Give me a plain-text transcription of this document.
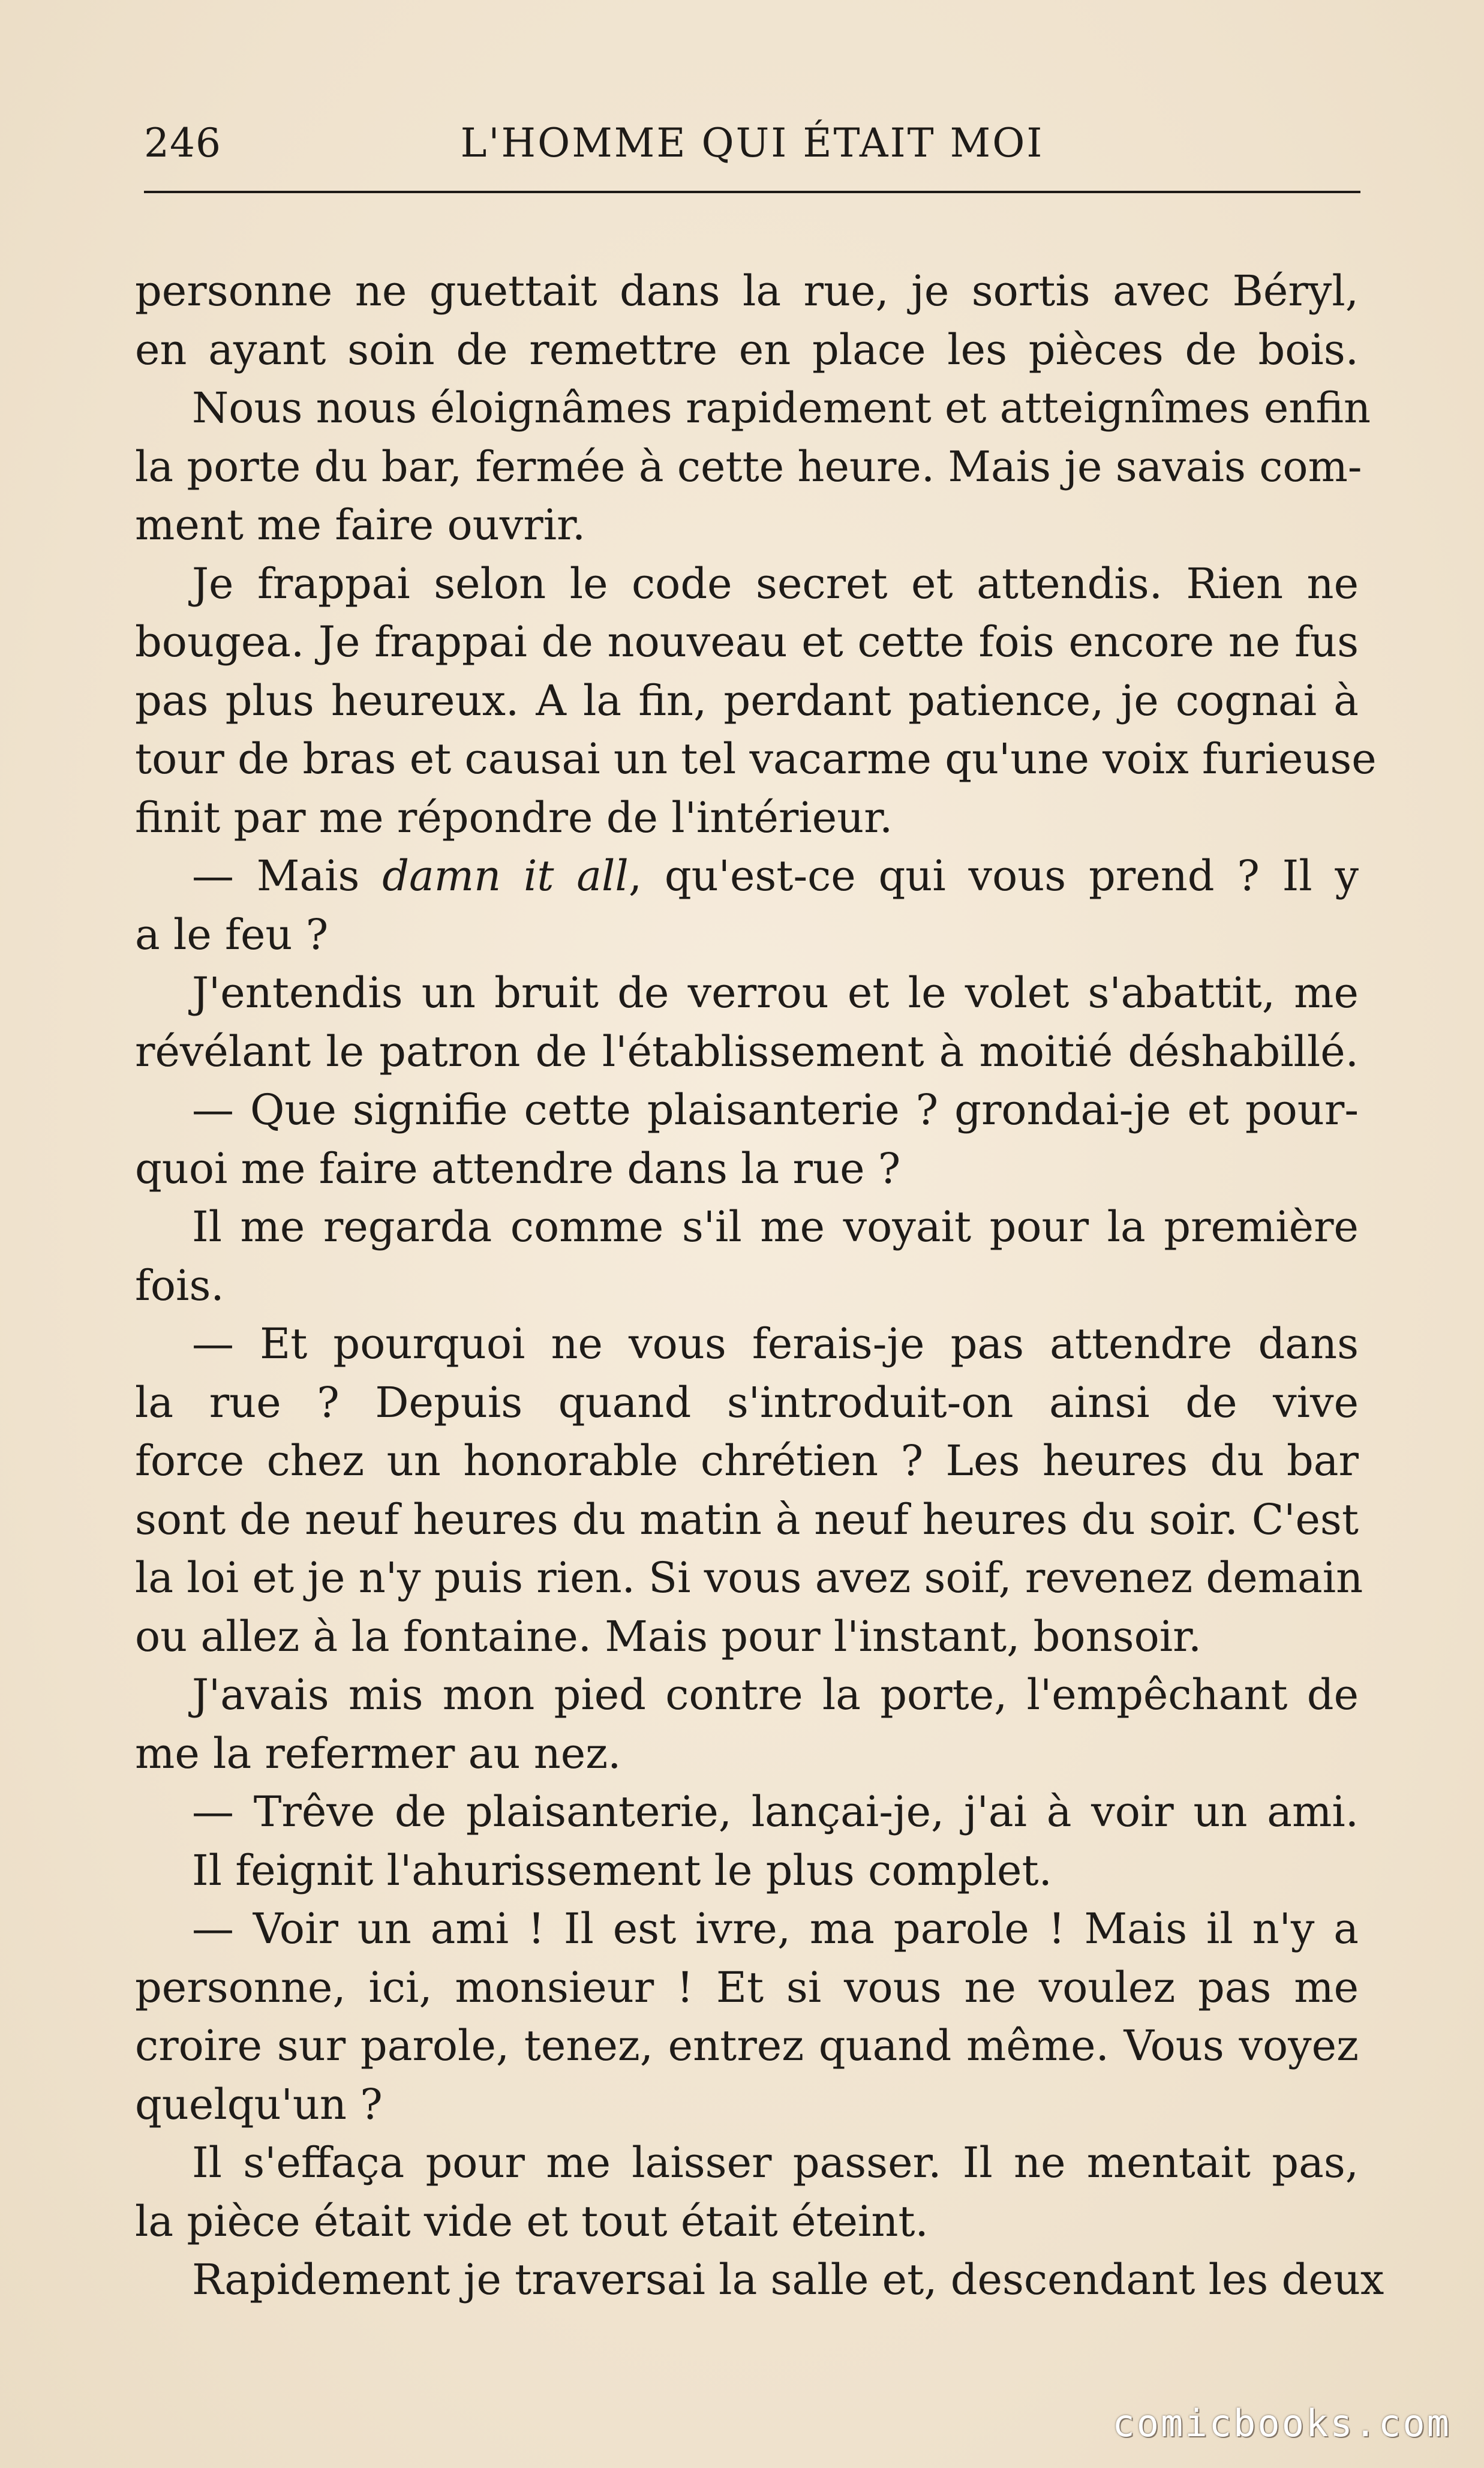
246	L'HOMME QUI ÉTAIT MOI
personne ne guettait dans la rue, je sortis avec Béryl,
en ayant soin de remettre en place les pièces de bois.
Nous nous éloignâmes rapidement et atteignîmes enfin
la porte du bar, fermée à cette heure. Mais je savais com-
ment me faire ouvrir.
Je frappai selon le code secret et attendis. Rien ne
bougea. Je frappai de nouveau et cette fois encore ne fus
pas plus heureux. A la fin, perdant patience, je cognai à
tour de bras et causai un tel vacarme qu'une voix furieuse
finit par me répondre de l'intérieur.
— Mais damn it all, qu'est-ce qui vous prend ? Il y
a le feu ?
J'entendis un bruit de verrou et le volet s'abattit, me
révélant le patron de l'établissement à moitié déshabillé.
— Que signifie cette plaisanterie ? grondai-je et pour-
quoi me faire attendre dans la rue ?
Il me regarda comme s'il me voyait pour la première
fois.
— Et pourquoi ne vous ferais-je pas attendre dans
la rue ? Depuis quand s'introduit-on ainsi de vive
force chez un honorable chrétien ? Les heures du bar
sont de neuf heures du matin à neuf heures du soir. C'est
la loi et je n'y puis rien. Si vous avez soif, revenez demain
ou allez à la fontaine. Mais pour l'instant, bonsoir.
J'avais mis mon pied contre la porte, l'empêchant de
me la refermer au nez.
— Trêve de plaisanterie, lançai-je, j'ai à voir un ami.
Il feignit l'ahurissement le plus complet.
— Voir un ami ! Il est ivre, ma parole ! Mais il n'y a
personne, ici, monsieur ! Et si vous ne voulez pas me
croire sur parole, tenez, entrez quand même. Vous voyez
quelqu'un ?
Il s'effaça pour me laisser passer. Il ne mentait pas,
la pièce était vide et tout était éteint.
Rapidement je traversai la salle et, descendant les deux
comicbooks.com
